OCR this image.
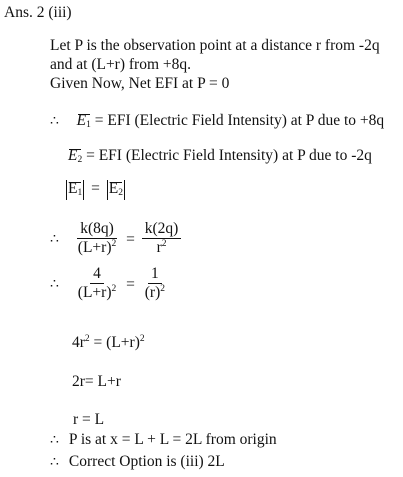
Ans. 2 (iii)
Let P is the observation point at a distance r from -2q
and at (L+r) from +8q.
Given Now, Net EFI at P = 0
∴ E1 = EFI (Electric Field Intensity) at P due to +8q
E2 = EFI (Electric Field Intensity) at P due to -2q
E1 = E2
∴ $\frac{k(8q)}{(L+r)^2} = \frac{k(2q)}{r^2}$
∴ $\frac{4}{(L+r)^2} = \frac{1}{(r)^2}$
$4r^2 = (L+r)^2$
2r= L+r
r = L
∴ P is at x = L + L = 2L from origin
∴ Correct Option is (iii) 2L
